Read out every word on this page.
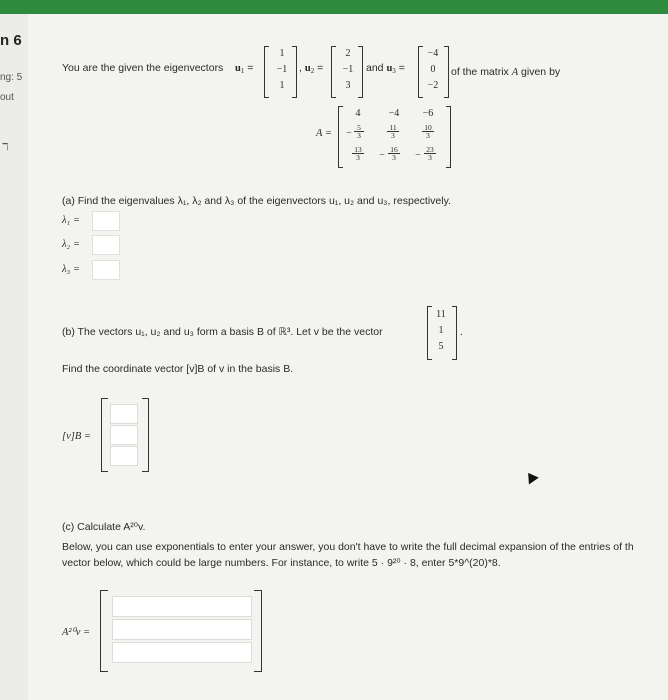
n 6
ng: 5
out
ℸ
You are the given the eigenvectors $u_1$ =
1
−1
1
, $u_2$ =
2
−1
3
and $u_3$ =
−4
0
−2
of the matrix A given by
A =
4	−4	−6
− $\frac{5}{3}$	$\frac{11}{3}$	$\frac{10}{3}$
$\frac{13}{3}$	− $\frac{16}{3}$	− $\frac{23}{3}$
(a) Find the eigenvalues λ₁, λ₂ and λ₃ of the eigenvectors u₁, u₂ and u₃, respectively.
λ₁ =
λ₂ =
λ₃ =
(b) The vectors u₁, u₂ and u₃ form a basis B of ℝ³. Let v be the vector
11
1
5
.
Find the coordinate vector [v]B of v in the basis B.
[v]B =
(c) Calculate A²⁰v.
Below, you can use exponentials to enter your answer, you don't have to write the full decimal expansion of the entries of th
vector below, which could be large numbers. For instance, to write 5 · 9²⁰ · 8, enter 5*9^(20)*8.
A²⁰v =
